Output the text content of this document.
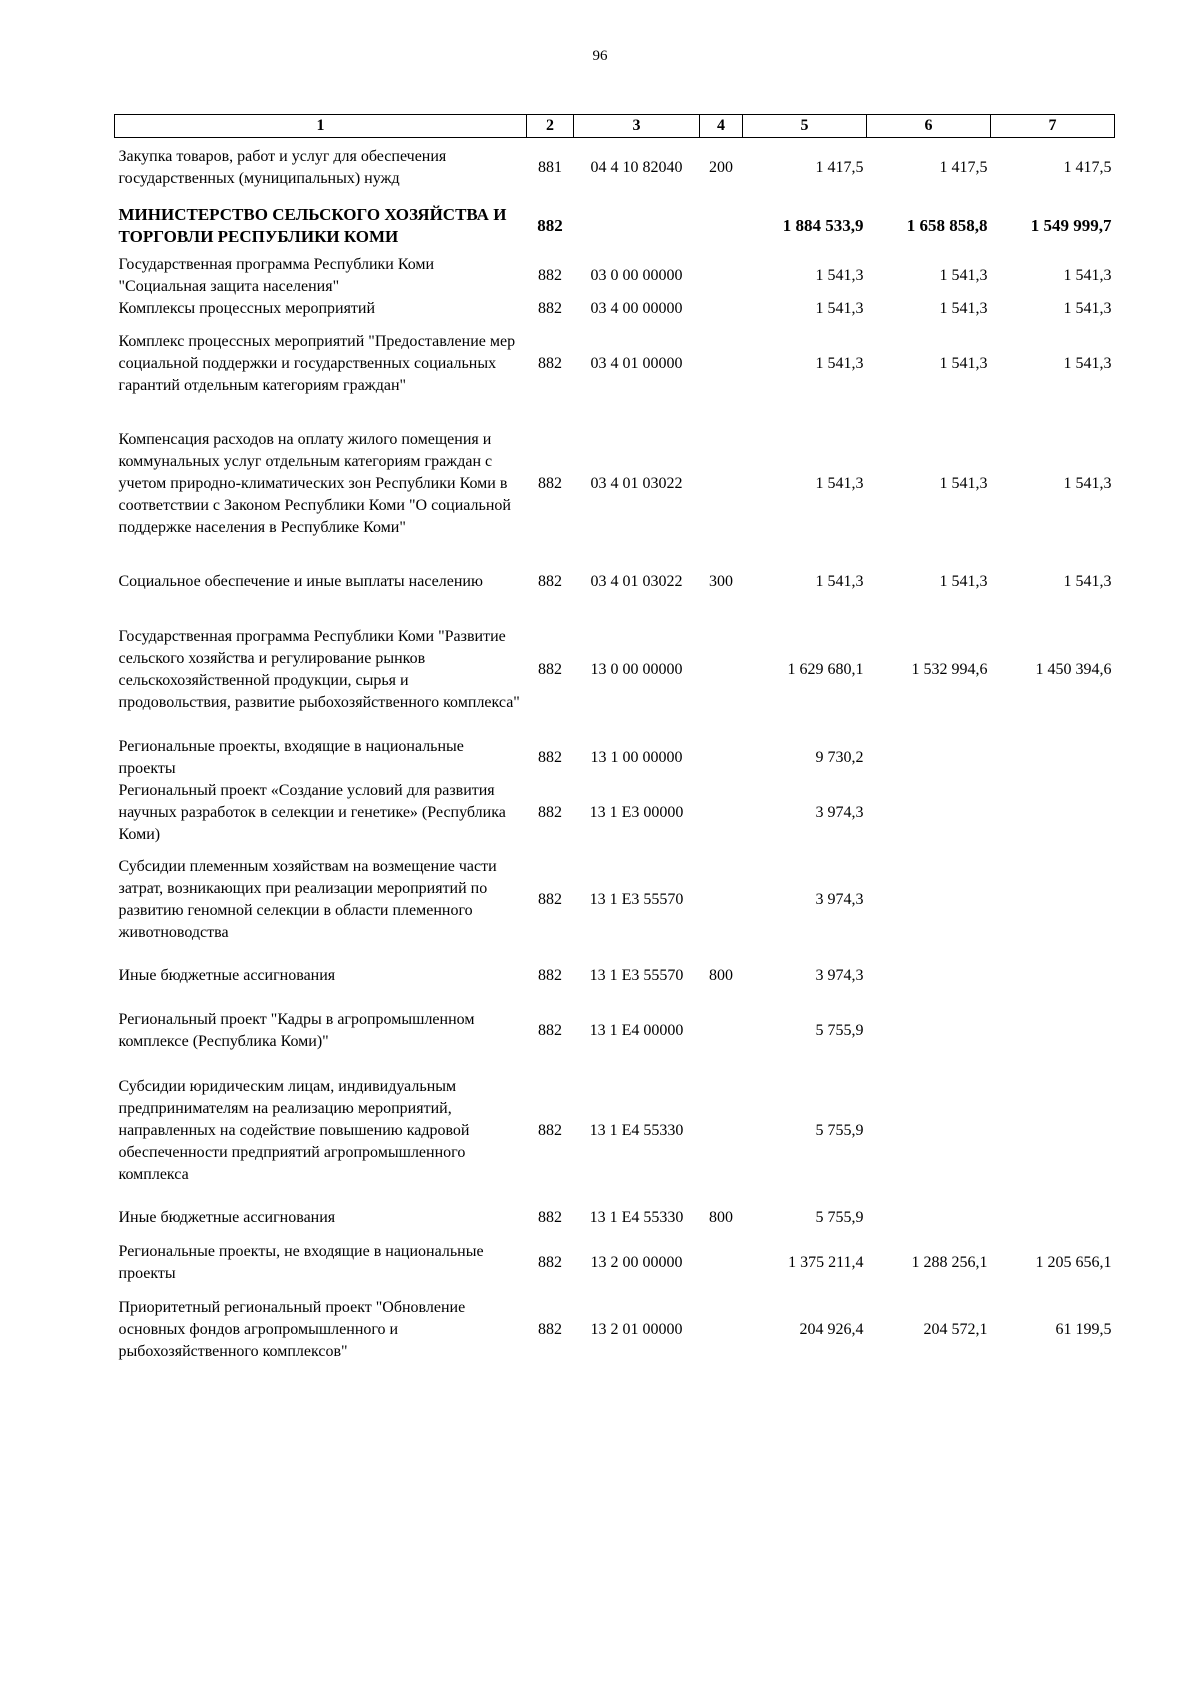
96
1	2	3	4	5	6	7
Закупка товаров, работ и услуг для обеспечения государственных (муниципальных) нужд	881	04 4 10 82040	200	1 417,5	1 417,5	1 417,5
МИНИСТЕРСТВО СЕЛЬСКОГО ХОЗЯЙСТВА И ТОРГОВЛИ РЕСПУБЛИКИ КОМИ	882			1 884 533,9	1 658 858,8	1 549 999,7
Государственная программа Республики Коми "Социальная защита населения"	882	03 0 00 00000		1 541,3	1 541,3	1 541,3
Комплексы процессных мероприятий	882	03 4 00 00000		1 541,3	1 541,3	1 541,3
Комплекс процессных мероприятий "Предоставление мер социальной поддержки и государственных социальных гарантий отдельным категориям граждан"	882	03 4 01 00000		1 541,3	1 541,3	1 541,3
Компенсация расходов на оплату жилого помещения и коммунальных услуг отдельным категориям граждан с учетом природно-климатических зон Республики Коми в соответствии с Законом Республики Коми "О социальной поддержке населения в Республике Коми"	882	03 4 01 03022		1 541,3	1 541,3	1 541,3
Социальное обеспечение и иные выплаты населению	882	03 4 01 03022	300	1 541,3	1 541,3	1 541,3
Государственная программа Республики Коми "Развитие сельского хозяйства и регулирование рынков сельскохозяйственной продукции, сырья и продовольствия, развитие рыбохозяйственного комплекса"	882	13 0 00 00000		1 629 680,1	1 532 994,6	1 450 394,6
Региональные проекты, входящие в национальные проекты	882	13 1 00 00000		9 730,2		
Региональный проект «Создание условий для развития научных разработок в селекции и генетике» (Республика Коми)	882	13 1 E3 00000		3 974,3		
Субсидии племенным хозяйствам на возмещение части затрат, возникающих при реализации мероприятий по развитию геномной селекции в области племенного животноводства	882	13 1 E3 55570		3 974,3		
Иные бюджетные ассигнования	882	13 1 E3 55570	800	3 974,3		
Региональный проект "Кадры в агропромышленном комплексе (Республика Коми)"	882	13 1 E4 00000		5 755,9		
Субсидии юридическим лицам, индивидуальным предпринимателям на реализацию мероприятий, направленных на содействие повышению кадровой обеспеченности предприятий агропромышленного комплекса	882	13 1 E4 55330		5 755,9		
Иные бюджетные ассигнования	882	13 1 E4 55330	800	5 755,9		
Региональные проекты, не входящие в национальные проекты	882	13 2 00 00000		1 375 211,4	1 288 256,1	1 205 656,1
Приоритетный региональный проект "Обновление основных фондов агропромышленного и рыбохозяйственного комплексов"	882	13 2 01 00000		204 926,4	204 572,1	61 199,5
